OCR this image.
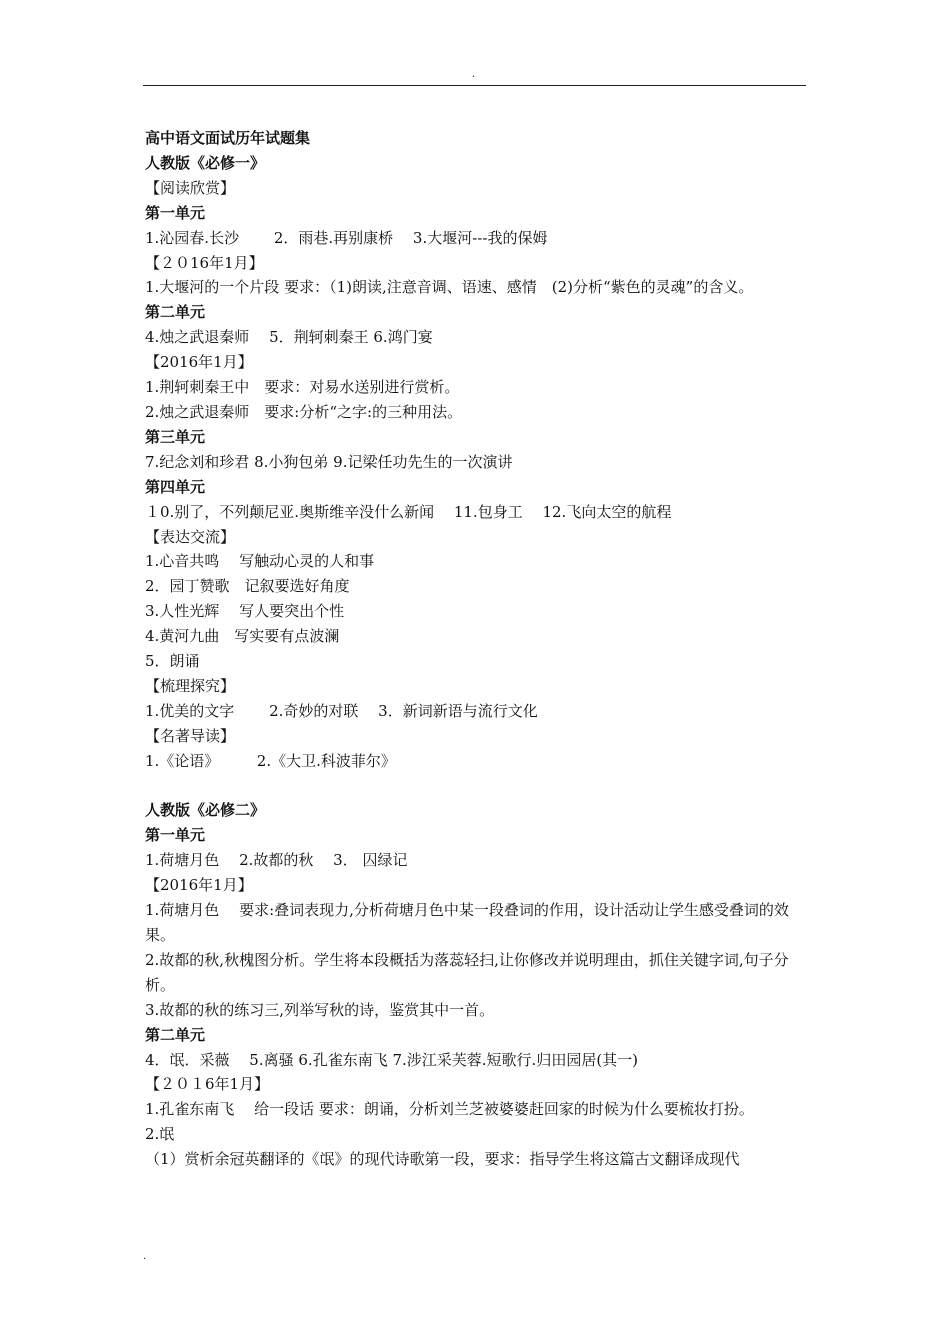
.
高中语文面试历年试题集
人教版《必修一》
【阅读欣赏】
第一单元
1.沁园春.长沙　　 2．雨巷.再别康桥　 3.大堰河---我的保姆
【２０16年1月】
1.大堰河的一个片段 要求：（1)朗读,注意音调、语速、感情　(2)分析“紫色的灵魂”的含义。
第二单元
4.烛之武退秦师　 5．荆轲刺秦王 6.鸿门宴
【2016年1月】
1.荆轲刺秦王中　要求：对易水送别进行赏析。
2.烛之武退秦师　要求:分析“之字:的三种用法。
第三单元
7.纪念刘和珍君 8.小狗包弟 9.记梁任功先生的一次演讲
第四单元
１0.别了，不列颠尼亚.奥斯维辛没什么新闻　 11.包身工　 12.飞向太空的航程
【表达交流】
1.心音共鸣　 写触动心灵的人和事
2．园丁赞歌　记叙要选好角度
3.人性光辉　 写人要突出个性
4.黄河九曲　写实要有点波澜
5．朗诵
【梳理探究】
1.优美的文字　　 2.奇妙的对联　 3．新词新语与流行文化
【名著导读】
1.《论语》　　　2.《大卫.科波菲尔》
人教版《必修二》
第一单元
1.荷塘月色　 2.故都的秋　 3． 囚绿记
【2016年1月】
1.荷塘月色　 要求:叠词表现力,分析荷塘月色中某一段叠词的作用，设计活动让学生感受叠词的效果。
2.故都的秋,秋槐图分析。学生将本段概括为落蕊轻扫,让你修改并说明理由，抓住关键字词,句子分析。
3.故都的秋的练习三,列举写秋的诗，鉴赏其中一首。
第二单元
4．氓．采薇　 5.离骚 6.孔雀东南飞 7.涉江采芙蓉.短歌行.归田园居(其一)
【２０１6年1月】
1.孔雀东南飞　 给一段话 要求：朗诵，分析刘兰芝被婆婆赶回家的时候为什么要梳妆打扮。
2.氓
（1）赏析余冠英翻译的《氓》的现代诗歌第一段，要求：指导学生将这篇古文翻译成现代
.
